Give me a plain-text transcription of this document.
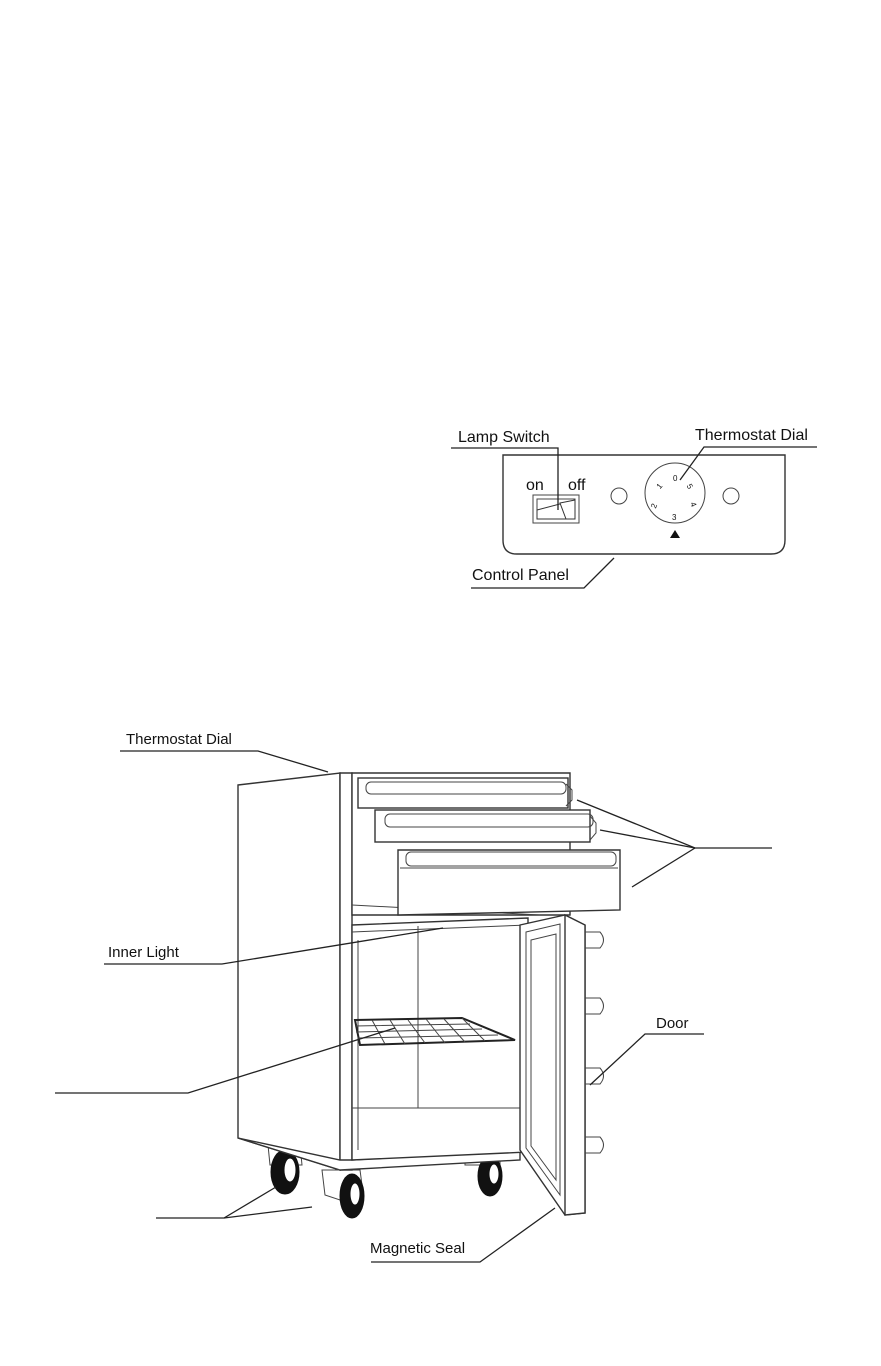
on off	0
1
2
3
4
5
Lamp Switch	Thermostat Dial
Control Panel
Thermostat Dial
Inner Light
Door
Magnetic Seal
